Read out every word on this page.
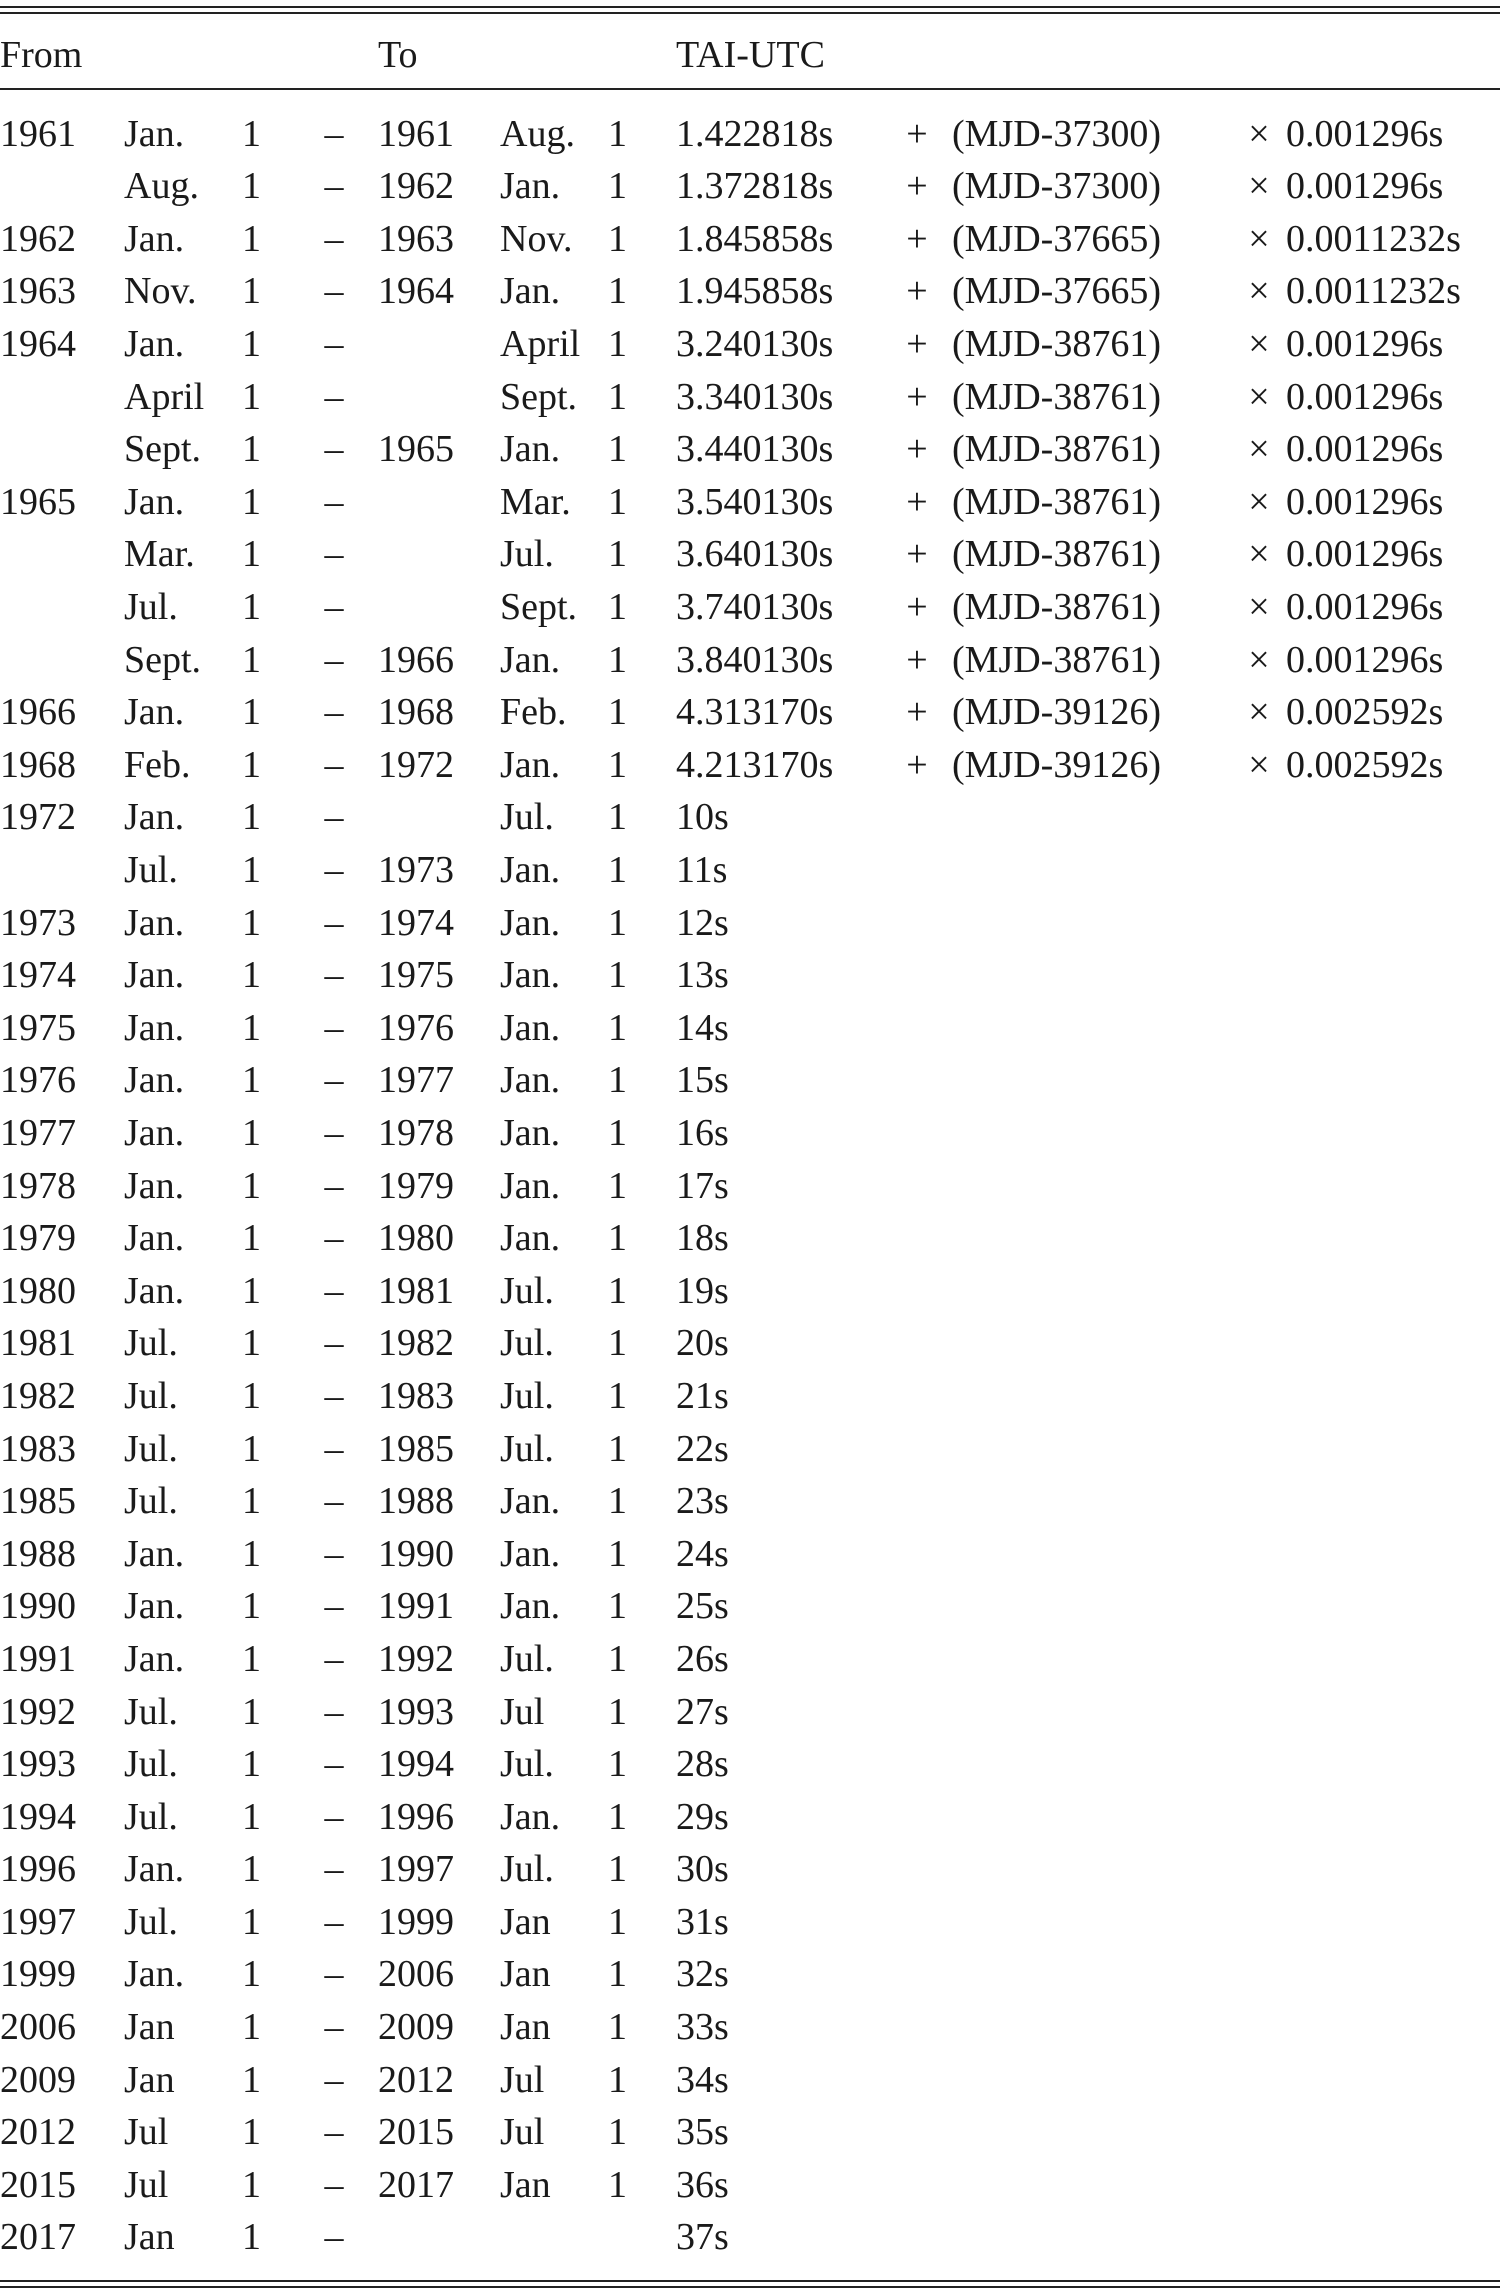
From				To			TAI-UTC				
1961	Jan.	1	–	1961	Aug.	1	1.422818s	+	(MJD-37300)	×	0.001296s
	Aug.	1	–	1962	Jan.	1	1.372818s	+	(MJD-37300)	×	0.001296s
1962	Jan.	1	–	1963	Nov.	1	1.845858s	+	(MJD-37665)	×	0.0011232s
1963	Nov.	1	–	1964	Jan.	1	1.945858s	+	(MJD-37665)	×	0.0011232s
1964	Jan.	1	–		April	1	3.240130s	+	(MJD-38761)	×	0.001296s
	April	1	–		Sept.	1	3.340130s	+	(MJD-38761)	×	0.001296s
	Sept.	1	–	1965	Jan.	1	3.440130s	+	(MJD-38761)	×	0.001296s
1965	Jan.	1	–		Mar.	1	3.540130s	+	(MJD-38761)	×	0.001296s
	Mar.	1	–		Jul.	1	3.640130s	+	(MJD-38761)	×	0.001296s
	Jul.	1	–		Sept.	1	3.740130s	+	(MJD-38761)	×	0.001296s
	Sept.	1	–	1966	Jan.	1	3.840130s	+	(MJD-38761)	×	0.001296s
1966	Jan.	1	–	1968	Feb.	1	4.313170s	+	(MJD-39126)	×	0.002592s
1968	Feb.	1	–	1972	Jan.	1	4.213170s	+	(MJD-39126)	×	0.002592s
1972	Jan.	1	–		Jul.	1	10s				
	Jul.	1	–	1973	Jan.	1	11s				
1973	Jan.	1	–	1974	Jan.	1	12s				
1974	Jan.	1	–	1975	Jan.	1	13s				
1975	Jan.	1	–	1976	Jan.	1	14s				
1976	Jan.	1	–	1977	Jan.	1	15s				
1977	Jan.	1	–	1978	Jan.	1	16s				
1978	Jan.	1	–	1979	Jan.	1	17s				
1979	Jan.	1	–	1980	Jan.	1	18s				
1980	Jan.	1	–	1981	Jul.	1	19s				
1981	Jul.	1	–	1982	Jul.	1	20s				
1982	Jul.	1	–	1983	Jul.	1	21s				
1983	Jul.	1	–	1985	Jul.	1	22s				
1985	Jul.	1	–	1988	Jan.	1	23s				
1988	Jan.	1	–	1990	Jan.	1	24s				
1990	Jan.	1	–	1991	Jan.	1	25s				
1991	Jan.	1	–	1992	Jul.	1	26s				
1992	Jul.	1	–	1993	Jul	1	27s				
1993	Jul.	1	–	1994	Jul.	1	28s				
1994	Jul.	1	–	1996	Jan.	1	29s				
1996	Jan.	1	–	1997	Jul.	1	30s				
1997	Jul.	1	–	1999	Jan	1	31s				
1999	Jan.	1	–	2006	Jan	1	32s				
2006	Jan	1	–	2009	Jan	1	33s				
2009	Jan	1	–	2012	Jul	1	34s				
2012	Jul	1	–	2015	Jul	1	35s				
2015	Jul	1	–	2017	Jan	1	36s				
2017	Jan	1	–				37s				
